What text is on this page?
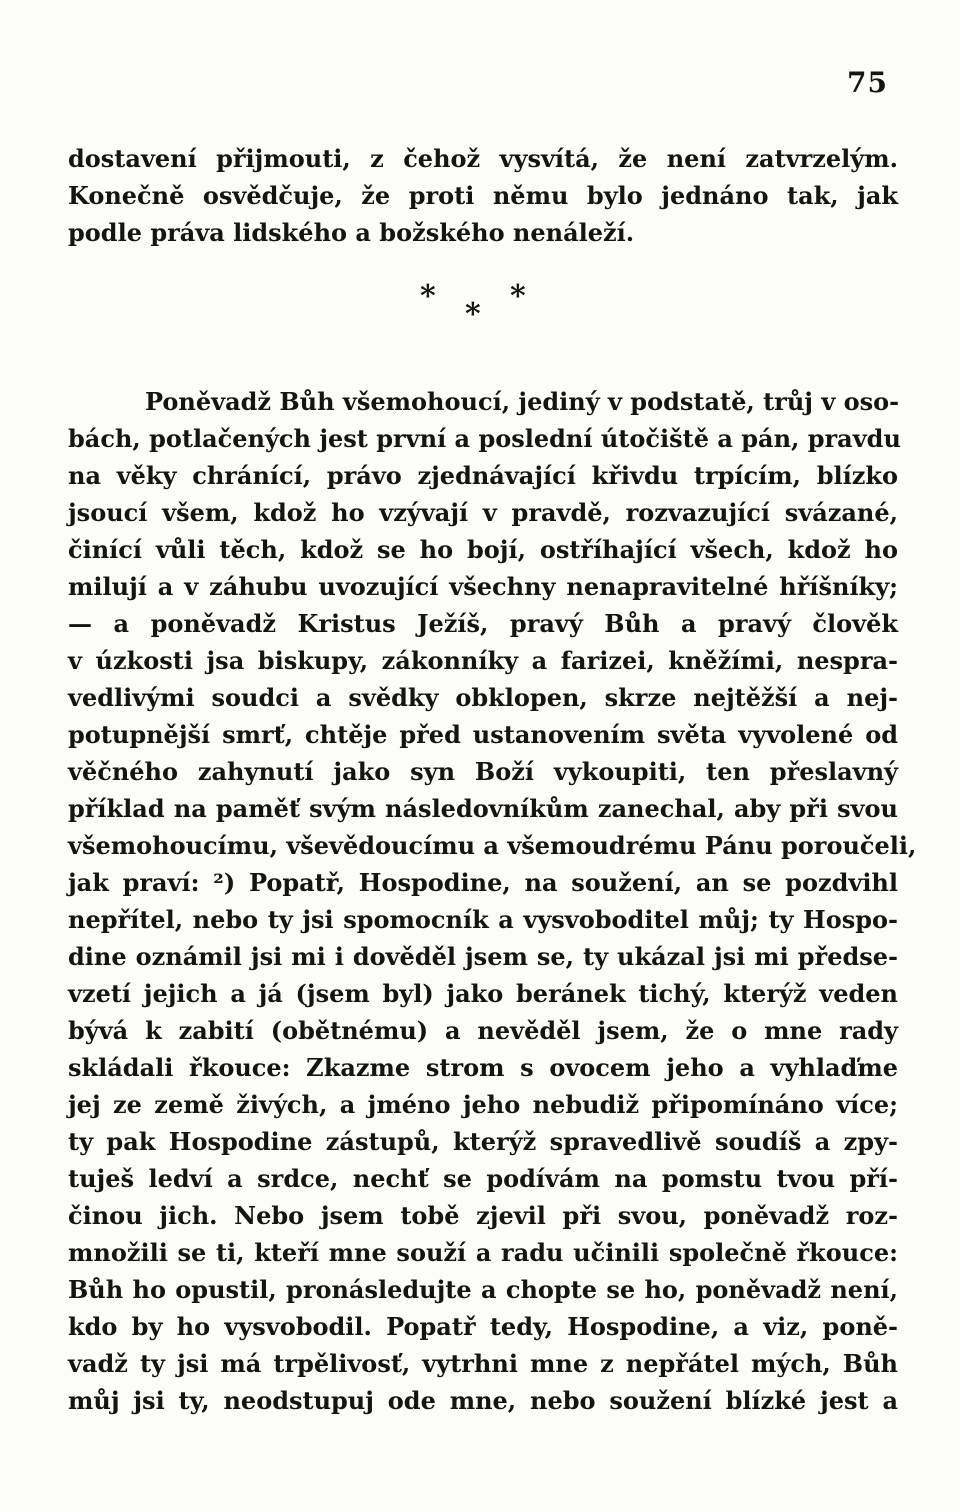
75
dostavení přijmouti, z čehož vysvítá, že není zatvrzelým.
Konečně osvědčuje, že proti němu bylo jednáno tak, jak
podle práva lidského a božského nenáleží.
*
*
*
Poněvadž Bůh všemohoucí, jediný v podstatě, trůj v oso-
bách, potlačených jest první a poslední útočiště a pán, pravdu
na věky chránící, právo zjednávající křivdu trpícím, blízko
jsoucí všem, kdož ho vzývají v pravdě, rozvazující svázané,
činící vůli těch, kdož se ho bojí, ostříhající všech, kdož ho
milují a v záhubu uvozující všechny nenapravitelné hříšníky;
— a poněvadž Kristus Ježíš, pravý Bůh a pravý člověk
v úzkosti jsa biskupy, zákonníky a farizei, kněžími, nespra-
vedlivými soudci a svědky obklopen, skrze nejtěžší a nej-
potupnější smrť, chtěje před ustanovením světa vyvolené od
věčného zahynutí jako syn Boží vykoupiti, ten přeslavný
příklad na paměť svým následovníkům zanechal, aby při svou
všemohoucímu, vševědoucímu a všemoudrému Pánu poroučeli,
jak praví: ²) Popatř, Hospodine, na soužení, an se pozdvihl
nepřítel, nebo ty jsi spomocník a vysvoboditel můj; ty Hospo-
dine oznámil jsi mi i dověděl jsem se, ty ukázal jsi mi předse-
vzetí jejich a já (jsem byl) jako beránek tichý, kterýž veden
bývá k zabití (obětnému) a nevěděl jsem, že o mne rady
skládali řkouce: Zkazme strom s ovocem jeho a vyhlaďme
jej ze země živých, a jméno jeho nebudiž připomínáno více;
ty pak Hospodine zástupů, kterýž spravedlivě soudíš a zpy-
tuješ ledví a srdce, nechť se podívám na pomstu tvou pří-
činou jich. Nebo jsem tobě zjevil při svou, poněvadž roz-
množili se ti, kteří mne souží a radu učinili společně řkouce:
Bůh ho opustil, pronásledujte a chopte se ho, poněvadž není,
kdo by ho vysvobodil. Popatř tedy, Hospodine, a viz, poně-
vadž ty jsi má trpělivosť, vytrhni mne z nepřátel mých, Bůh
můj jsi ty, neodstupuj ode mne, nebo soužení blízké jest a
